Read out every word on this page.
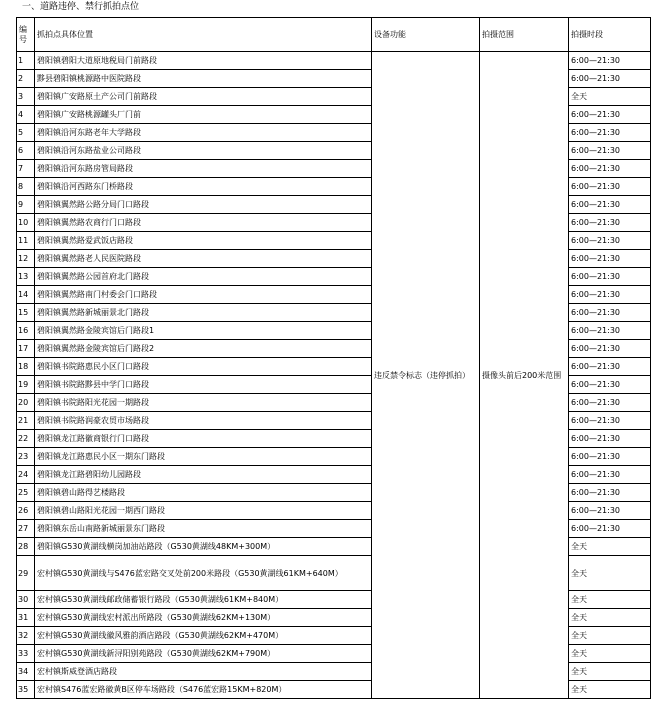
一、道路违停、禁行抓拍点位
编号	抓拍点具体位置	设备功能	拍摄范围	拍摄时段
1	碧阳镇碧阳大道原地税局门前路段	违反禁令标志（违停抓拍）	摄像头前后200米范围	6:00—21:30
2	黟县碧阳镇桃源路中医院路段			6:00—21:30
3	碧阳镇广安路原土产公司门前路段			全天
4	碧阳镇广安路桃源罐头厂门前			6:00—21:30
5	碧阳镇沿河东路老年大学路段			6:00—21:30
6	碧阳镇沿河东路盐业公司路段			6:00—21:30
7	碧阳镇沿河东路房管局路段			6:00—21:30
8	碧阳镇沿河西路东门桥路段			6:00—21:30
9	碧阳镇翼然路公路分局门口路段			6:00—21:30
10	碧阳镇翼然路农商行门口路段			6:00—21:30
11	碧阳镇翼然路爱武饭店路段			6:00—21:30
12	碧阳镇翼然路老人民医院路段			6:00—21:30
13	碧阳镇翼然路公园首府北门路段			6:00—21:30
14	碧阳镇翼然路南门村委会门口路段			6:00—21:30
15	碧阳镇翼然路新城丽景北门路段			6:00—21:30
16	碧阳镇翼然路金陵宾馆后门路段1			6:00—21:30
17	碧阳镇翼然路金陵宾馆后门路段2			6:00—21:30
18	碧阳镇书院路惠民小区门口路段			6:00—21:30
19	碧阳镇书院路黟县中学门口路段			6:00—21:30
20	碧阳镇书院路阳光花园一期路段			6:00—21:30
21	碧阳镇书院路润豪农贸市场路段			6:00—21:30
22	碧阳镇龙江路徽商银行门口路段			6:00—21:30
23	碧阳镇龙江路惠民小区一期东门路段			6:00—21:30
24	碧阳镇龙江路碧阳幼儿园路段			6:00—21:30
25	碧阳镇碧山路得艺楼路段			6:00—21:30
26	碧阳镇碧山路阳光花园一期西门路段			6:00—21:30
27	碧阳镇东岳山南路新城丽景东门路段			6:00—21:30
28	碧阳镇G530黄湖线横岗加油站路段（G530黄湖线48KM+300M）			全天
29	宏村镇G530黄湖线与S476蓝宏路交叉处前200米路段（G530黄湖线61KM+640M）			全天
30	宏村镇G530黄湖线邮政储蓄银行路段（G530黄湖线61KM+840M）			全天
31	宏村镇G530黄湖线宏村派出所路段（G530黄湖线62KM+130M）			全天
32	宏村镇G530黄湖线徽风雅韵酒店路段（G530黄湖线62KM+470M）			全天
33	宏村镇G530黄湖线新浔阳别苑路段（G530黄湖线62KM+790M）			全天
34	宏村镇斯威登酒店路段			全天
35	宏村镇S476蓝宏路徽黄B区停车场路段（S476蓝宏路15KM+820M）			全天
